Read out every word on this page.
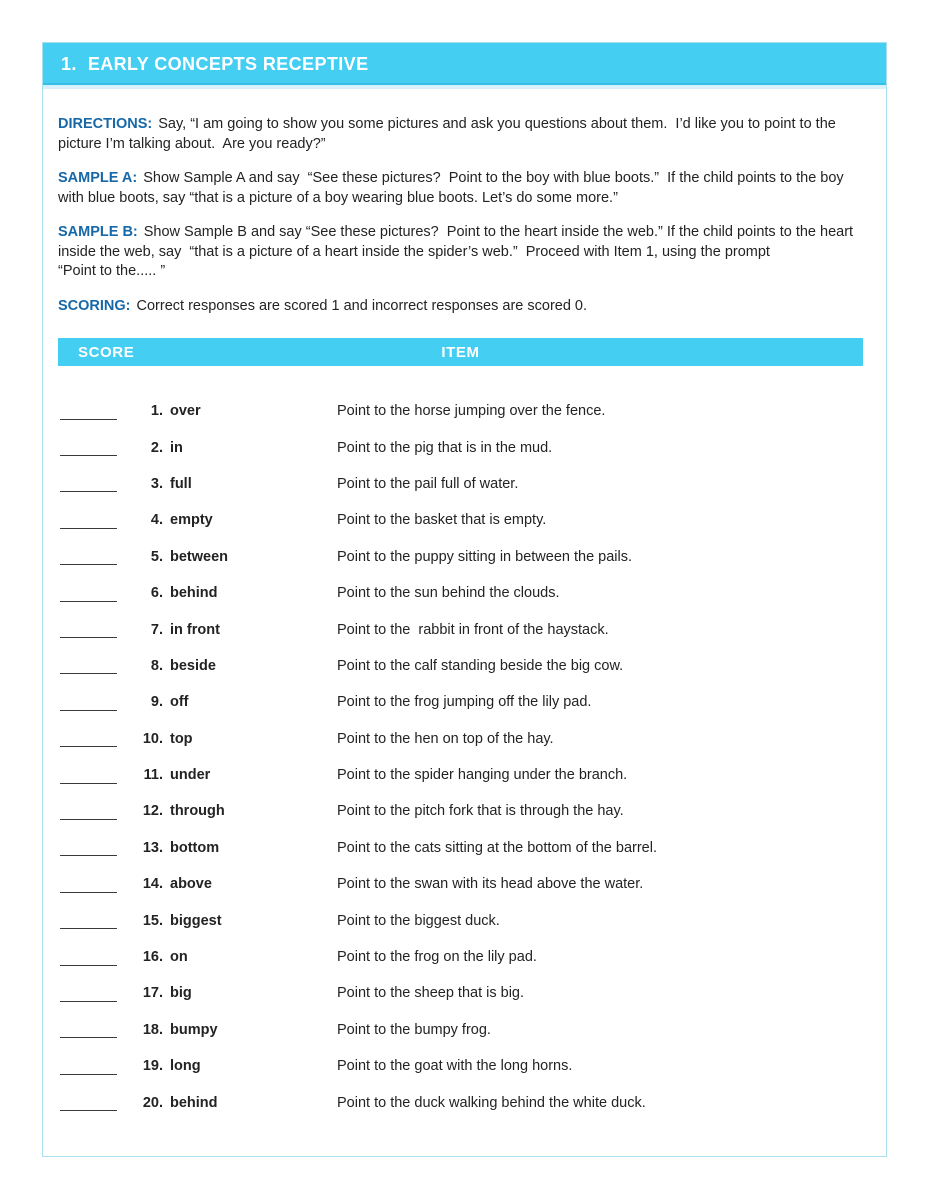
1. EARLY CONCEPTS RECEPTIVE

DIRECTIONS: Say, “I am going to show you some pictures and ask you questions about them.  I’d like you to point to the picture I’m talking about.  Are you ready?”

SAMPLE A: Show Sample A and say  “See these pictures?  Point to the boy with blue boots.”  If the child points to the boy with blue boots, say “that is a picture of a boy wearing blue boots. Let’s do some more.”

SAMPLE B: Show Sample B and say “See these pictures?  Point to the heart inside the web.” If the child points to the heart inside the web, say  “that is a picture of a heart inside the spider’s web.”  Proceed with Item 1, using the prompt
“Point to the..... ”

SCORING: Correct responses are scored 1 and incorrect responses are scored 0.

SCORE	ITEM
1. over	Point to the horse jumping over the fence.
2. in	Point to the pig that is in the mud.
3. full	Point to the pail full of water.
4. empty	Point to the basket that is empty.
5. between	Point to the puppy sitting in between the pails.
6. behind	Point to the sun behind the clouds.
7. in front	Point to the  rabbit in front of the haystack.
8. beside	Point to the calf standing beside the big cow.
9. off	Point to the frog jumping off the lily pad.
10. top	Point to the hen on top of the hay.
11. under	Point to the spider hanging under the branch.
12. through	Point to the pitch fork that is through the hay.
13. bottom	Point to the cats sitting at the bottom of the barrel.
14. above	Point to the swan with its head above the water.
15. biggest	Point to the biggest duck.
16. on	Point to the frog on the lily pad.
17. big	Point to the sheep that is big.
18. bumpy	Point to the bumpy frog.
19. long	Point to the goat with the long horns.
20. behind	Point to the duck walking behind the white duck.
